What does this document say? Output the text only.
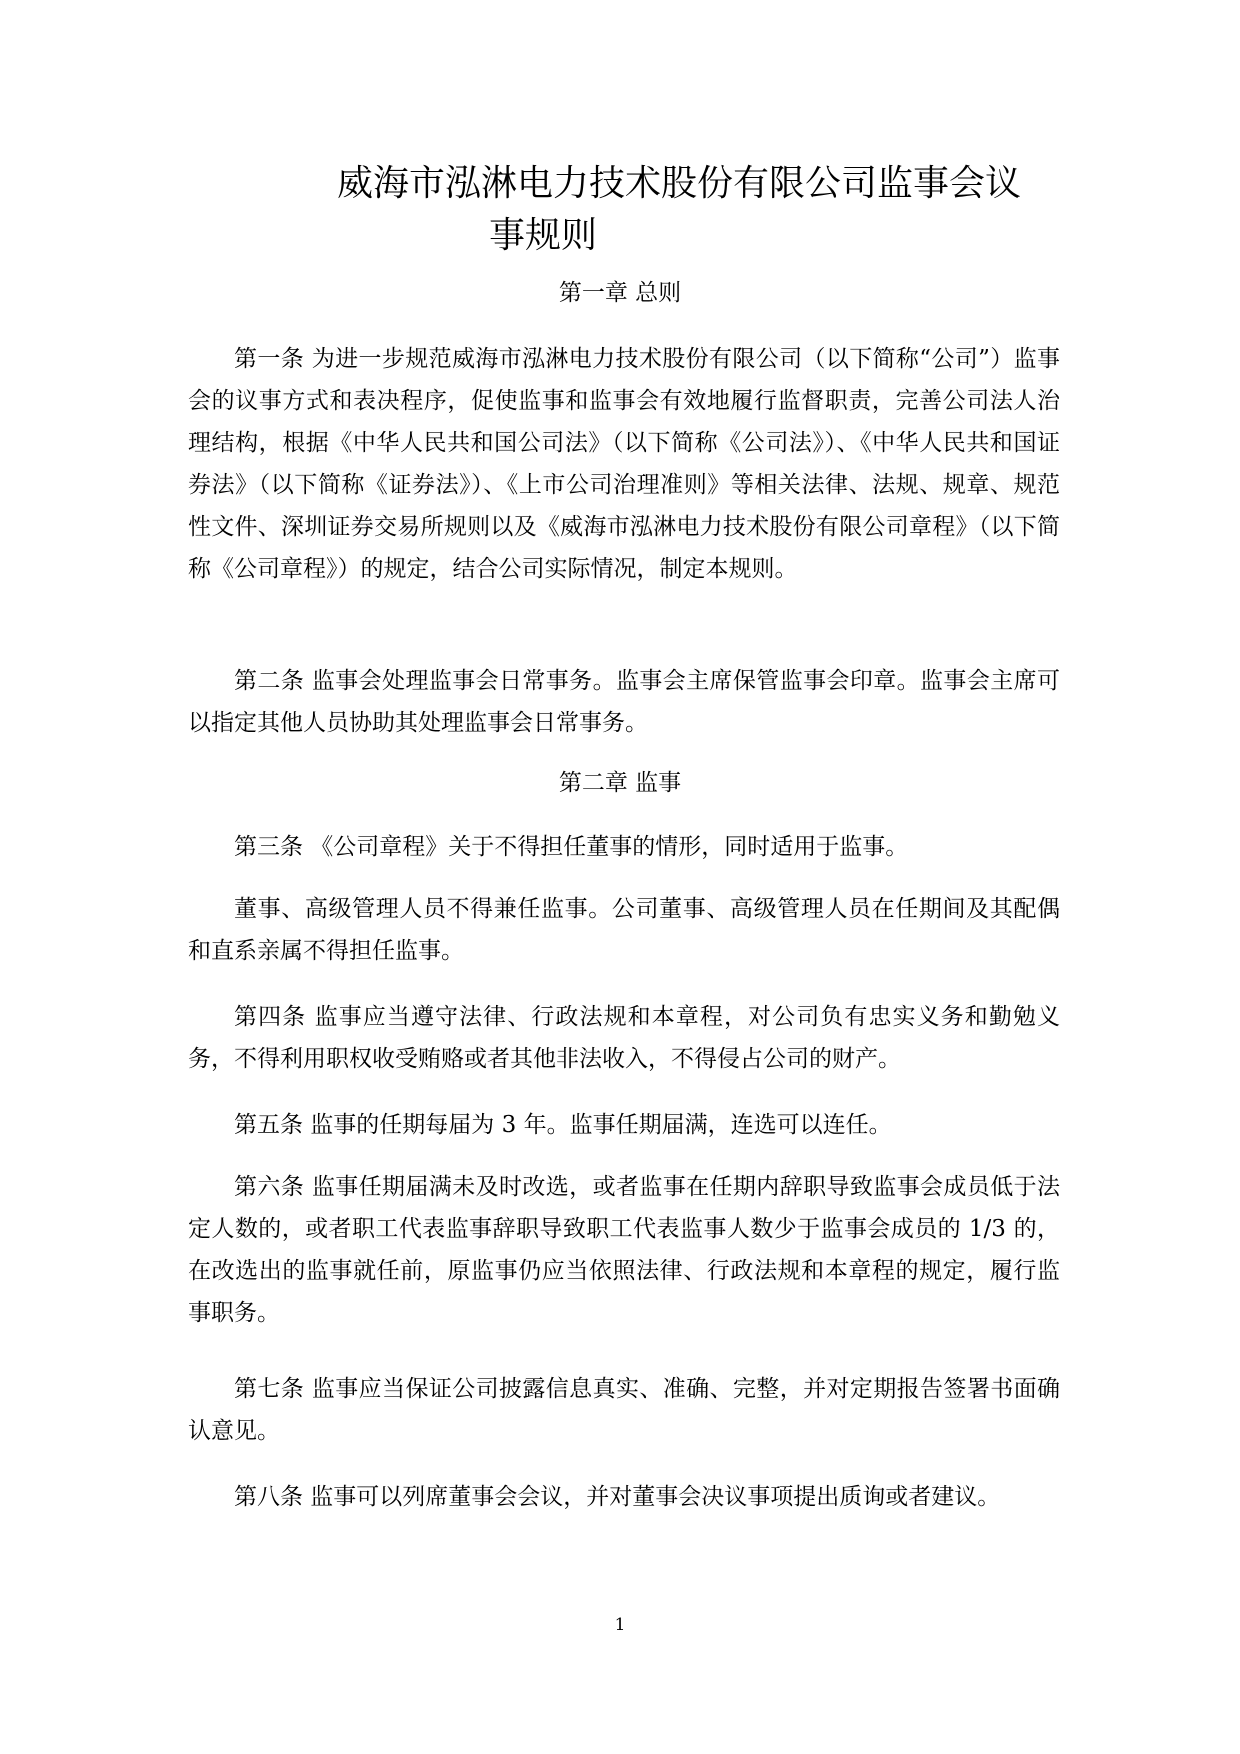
威海市泓淋电力技术股份有限公司监事会议
事规则

第一章 总则

第一条 为进一步规范威海市泓淋电力技术股份有限公司（以下简称“公司”）监事会的议事方式和表决程序，促使监事和监事会有效地履行监督职责，完善公司法人治理结构，根据《中华人民共和国公司法》（以下简称《公司法》）、《中华人民共和国证券法》（以下简称《证券法》）、《上市公司治理准则》等相关法律、法规、规章、规范性文件、深圳证券交易所规则以及《威海市泓淋电力技术股份有限公司章程》（以下简称《公司章程》）的规定，结合公司实际情况，制定本规则。

第二条 监事会处理监事会日常事务。监事会主席保管监事会印章。监事会主席可以指定其他人员协助其处理监事会日常事务。

第二章 监事

第三条 《公司章程》关于不得担任董事的情形，同时适用于监事。

董事、高级管理人员不得兼任监事。公司董事、高级管理人员在任期间及其配偶和直系亲属不得担任监事。

第四条 监事应当遵守法律、行政法规和本章程，对公司负有忠实义务和勤勉义务，不得利用职权收受贿赂或者其他非法收入，不得侵占公司的财产。

第五条 监事的任期每届为 3 年。监事任期届满，连选可以连任。

第六条 监事任期届满未及时改选，或者监事在任期内辞职导致监事会成员低于法定人数的，或者职工代表监事辞职导致职工代表监事人数少于监事会成员的 1/3 的，在改选出的监事就任前，原监事仍应当依照法律、行政法规和本章程的规定，履行监事职务。

第七条 监事应当保证公司披露信息真实、准确、完整，并对定期报告签署书面确认意见。

第八条 监事可以列席董事会会议，并对董事会决议事项提出质询或者建议。

1
